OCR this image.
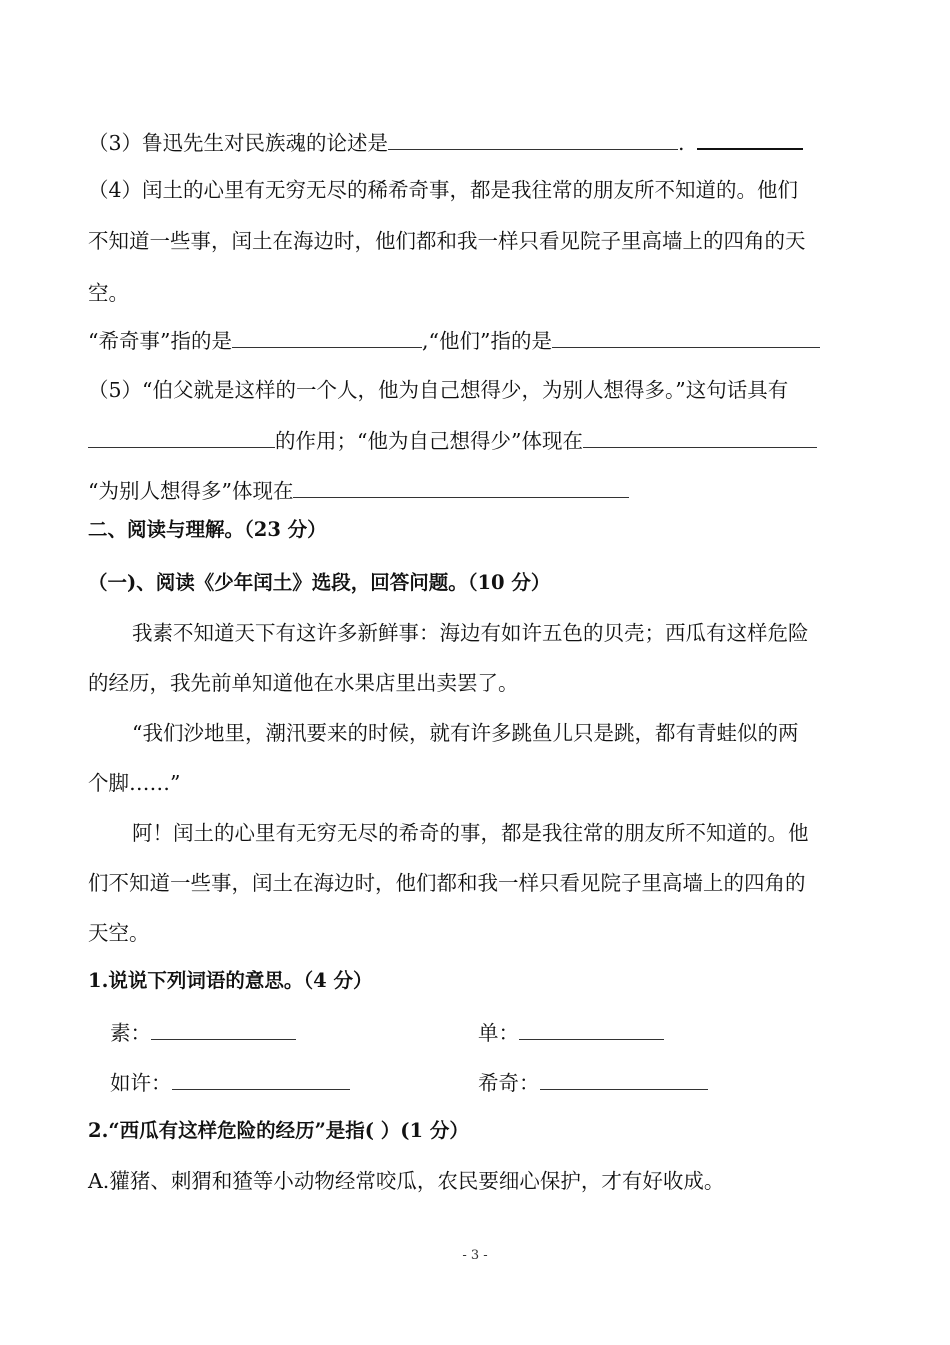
（3）鲁迅先生对民族魂的论述是	.
（4）闰土的心里有无穷无尽的稀希奇事，都是我往常的朋友所不知道的。他们
不知道一些事，闰土在海边时，他们都和我一样只看见院子里高墙上的四角的天
空。
“希奇事”指的是	,“他们”指的是
（5）“伯父就是这样的一个人，他为自己想得少，为别人想得多。”这句话具有
的作用；“他为自己想得少”体现在
“为别人想得多”体现在
二、阅读与理解。（23 分）
（一)、阅读《少年闰土》选段，回答问题。（10 分）
我素不知道天下有这许多新鲜事：海边有如许五色的贝壳；西瓜有这样危险
的经历，我先前单知道他在水果店里出卖罢了。
“我们沙地里，潮汛要来的时候，就有许多跳鱼儿只是跳，都有青蛙似的两
个脚……”
阿！闰土的心里有无穷无尽的希奇的事，都是我往常的朋友所不知道的。他
们不知道一些事，闰土在海边时，他们都和我一样只看见院子里高墙上的四角的
天空。
1.说说下列词语的意思。（4 分）
素：	单：
如许：	希奇：
2.“西瓜有这样危险的经历”是指( ）(1 分）
A.獾猪、刺猬和猹等小动物经常咬瓜，农民要细心保护，才有好收成。
- 3 -
